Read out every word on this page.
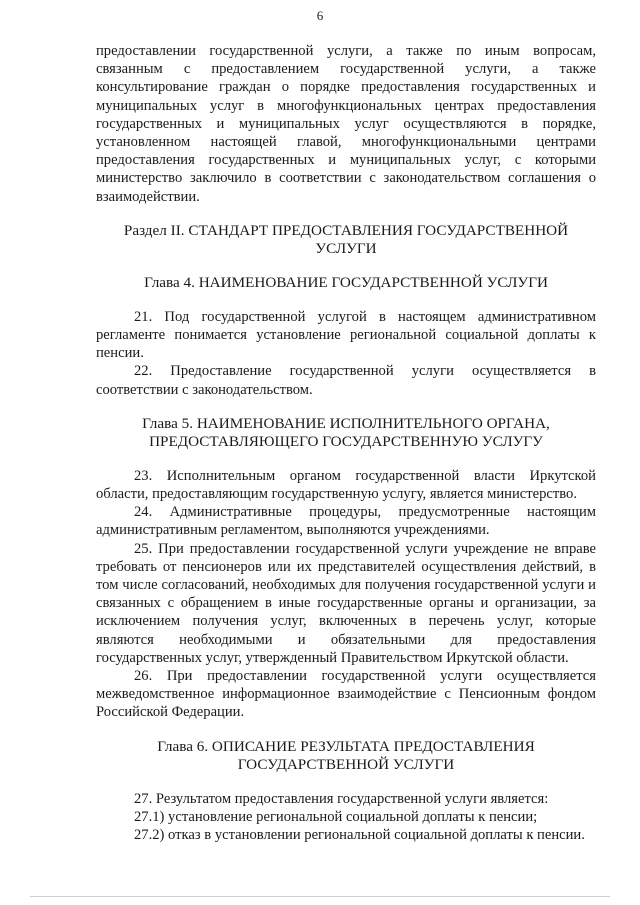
6

предоставлении государственной услуги, а также по иным вопросам, связанным с предоставлением государственной услуги, а также консультирование граждан о порядке предоставления государственных и муниципальных услуг в многофункциональных центрах предоставления государственных и муниципальных услуг осуществляются в порядке, установленном настоящей главой, многофункциональными центрами предоставления государственных и муниципальных услуг, с которыми министерство заключило в соответствии с законодательством соглашения о взаимодействии.

Раздел II. СТАНДАРТ ПРЕДОСТАВЛЕНИЯ ГОСУДАРСТВЕННОЙ УСЛУГИ

Глава 4. НАИМЕНОВАНИЕ ГОСУДАРСТВЕННОЙ УСЛУГИ

21. Под государственной услугой в настоящем административном регламенте понимается установление региональной социальной доплаты к пенсии.

22. Предоставление государственной услуги осуществляется в соответствии с законодательством.

Глава 5. НАИМЕНОВАНИЕ ИСПОЛНИТЕЛЬНОГО ОРГАНА, ПРЕДОСТАВЛЯЮЩЕГО ГОСУДАРСТВЕННУЮ УСЛУГУ

23. Исполнительным органом государственной власти Иркутской области, предоставляющим государственную услугу, является министерство.

24. Административные процедуры, предусмотренные настоящим административным регламентом, выполняются учреждениями.

25. При предоставлении государственной услуги учреждение не вправе требовать от пенсионеров или их представителей осуществления действий, в том числе согласований, необходимых для получения государственной услуги и связанных с обращением в иные государственные органы и организации, за исключением получения услуг, включенных в перечень услуг, которые являются необходимыми и обязательными для предоставления государственных услуг, утвержденный Правительством Иркутской области.

26. При предоставлении государственной услуги осуществляется межведомственное информационное взаимодействие с Пенсионным фондом Российской Федерации.

Глава 6. ОПИСАНИЕ РЕЗУЛЬТАТА ПРЕДОСТАВЛЕНИЯ ГОСУДАРСТВЕННОЙ УСЛУГИ

27. Результатом предоставления государственной услуги является:

27.1) установление региональной социальной доплаты к пенсии;

27.2) отказ в установлении региональной социальной доплаты к пенсии.
